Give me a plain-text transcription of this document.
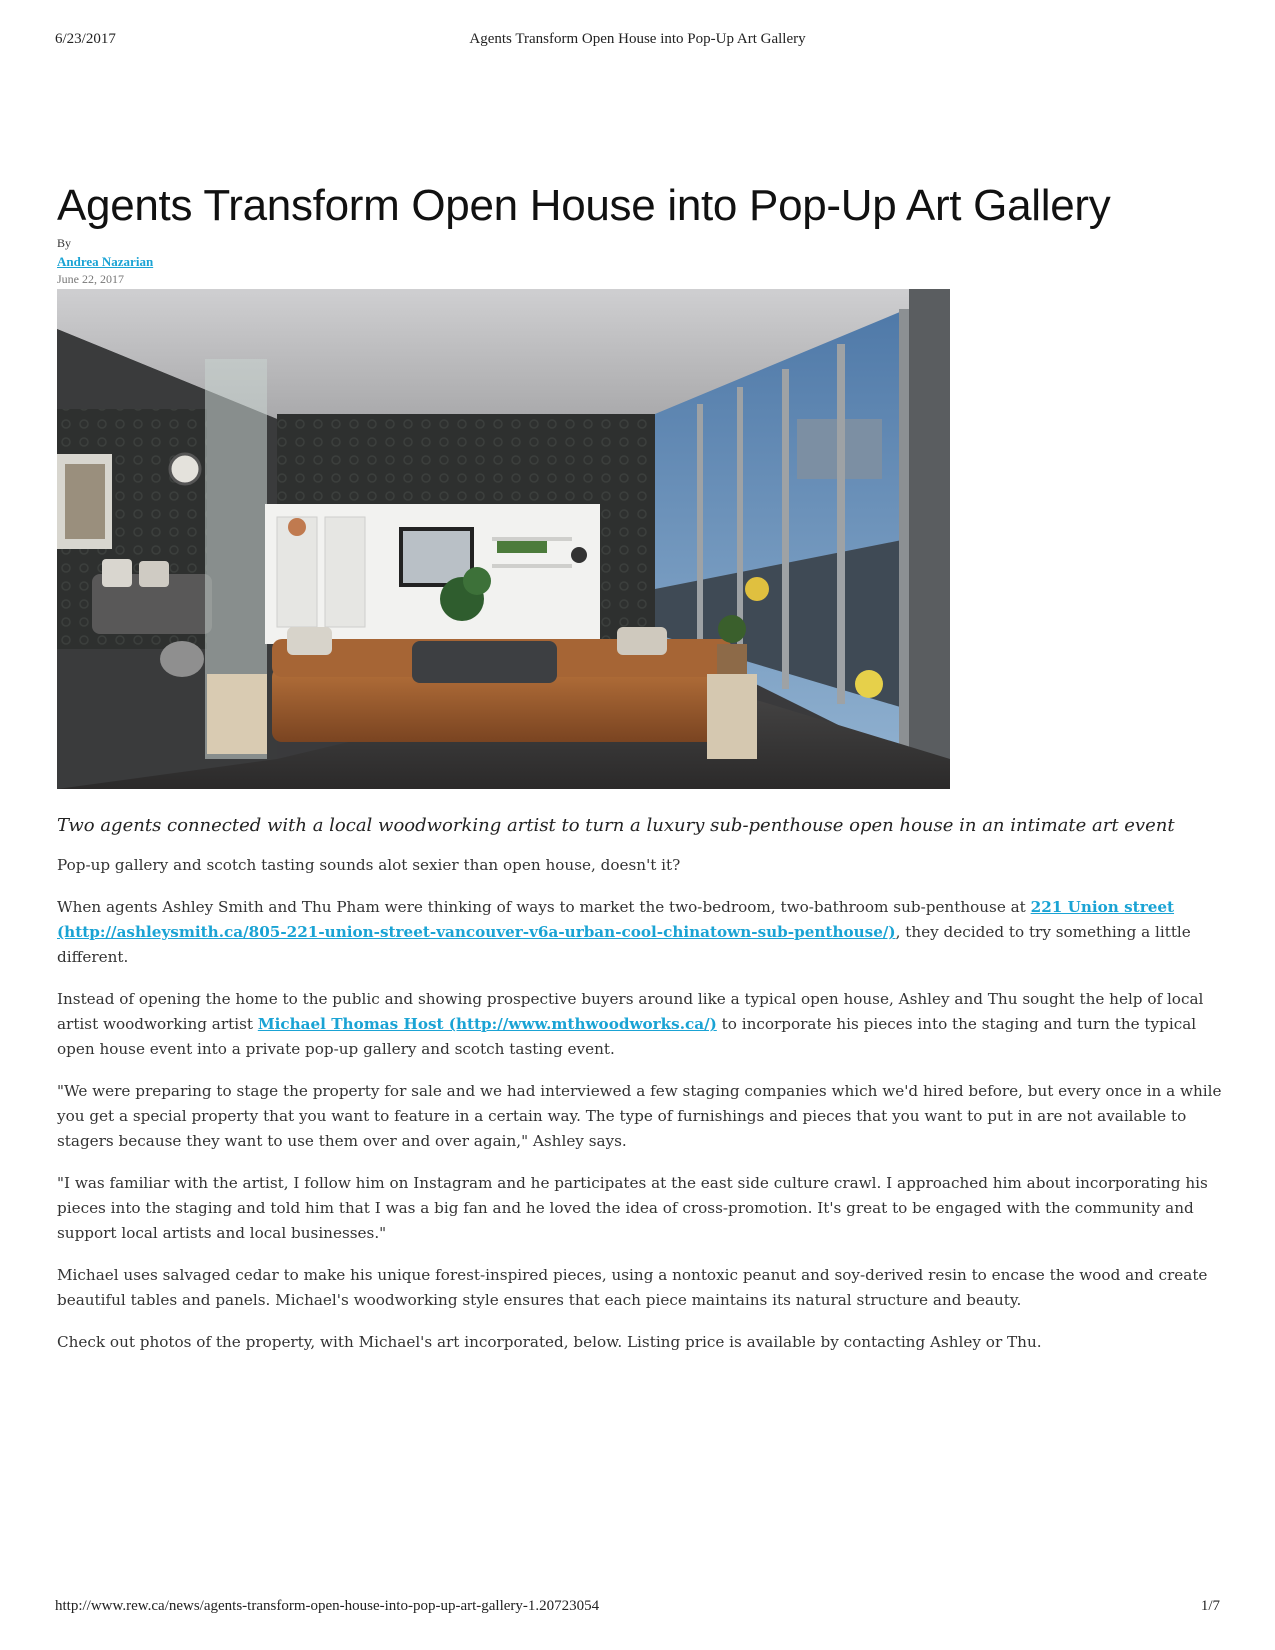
6/23/2017	Agents Transform Open House into Pop-Up Art Gallery
Agents Transform Open House into Pop-Up Art Gallery
By
Andrea Nazarian
June 22, 2017

Two agents connected with a local woodworking artist to turn a luxury sub-penthouse open house in an intimate art event

Pop-up gallery and scotch tasting sounds alot sexier than open house, doesn't it?

When agents Ashley Smith and Thu Pham were thinking of ways to market the two-bedroom, two-bathroom sub-penthouse at 221 Union street (http://ashleysmith.ca/805-221-union-street-vancouver-v6a-urban-cool-chinatown-sub-penthouse/), they decided to try something a little different.

Instead of opening the home to the public and showing prospective buyers around like a typical open house, Ashley and Thu sought the help of local artist woodworking artist Michael Thomas Host (http://www.mthwoodworks.ca/) to incorporate his pieces into the staging and turn the typical open house event into a private pop-up gallery and scotch tasting event.

"We were preparing to stage the property for sale and we had interviewed a few staging companies which we'd hired before, but every once in a while you get a special property that you want to feature in a certain way. The type of furnishings and pieces that you want to put in are not available to stagers because they want to use them over and over again," Ashley says.

"I was familiar with the artist, I follow him on Instagram and he participates at the east side culture crawl. I approached him about incorporating his pieces into the staging and told him that I was a big fan and he loved the idea of cross-promotion. It's great to be engaged with the community and support local artists and local businesses."

Michael uses salvaged cedar to make his unique forest-inspired pieces, using a nontoxic peanut and soy-derived resin to encase the wood and create beautiful tables and panels. Michael's woodworking style ensures that each piece maintains its natural structure and beauty.

Check out photos of the property, with Michael's art incorporated, below. Listing price is available by contacting Ashley or Thu.

http://www.rew.ca/news/agents-transform-open-house-into-pop-up-art-gallery-1.20723054	1/7
